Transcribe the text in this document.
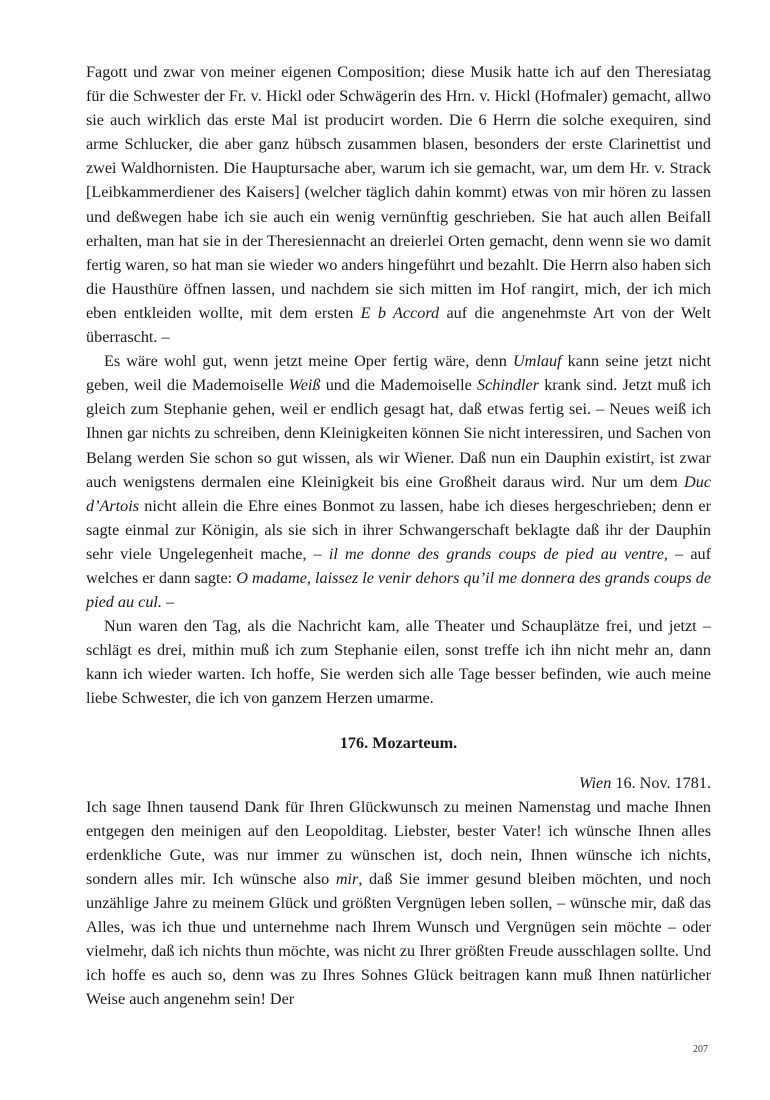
Fagott und zwar von meiner eigenen Composition; diese Musik hatte ich auf den Theresiatag für die Schwester der Fr. v. Hickl oder Schwägerin des Hrn. v. Hickl (Hofmaler) gemacht, allwo sie auch wirklich das erste Mal ist producirt worden. Die 6 Herrn die solche exequiren, sind arme Schlucker, die aber ganz hübsch zusammen blasen, besonders der erste Clarinettist und zwei Waldhornisten. Die Hauptursache aber, warum ich sie gemacht, war, um dem Hr. v. Strack [Leibkammerdiener des Kaisers] (welcher täglich dahin kommt) etwas von mir hören zu lassen und deßwegen habe ich sie auch ein wenig vernünftig geschrieben. Sie hat auch allen Beifall erhalten, man hat sie in der Theresiennacht an dreierlei Orten gemacht, denn wenn sie wo damit fertig waren, so hat man sie wieder wo anders hingeführt und bezahlt. Die Herrn also haben sich die Hausthüre öffnen lassen, und nachdem sie sich mitten im Hof rangirt, mich, der ich mich eben entkleiden wollte, mit dem ersten E b Accord auf die angenehmste Art von der Welt überrascht. –

Es wäre wohl gut, wenn jetzt meine Oper fertig wäre, denn Umlauf kann seine jetzt nicht geben, weil die Mademoiselle Weiß und die Mademoiselle Schindler krank sind. Jetzt muß ich gleich zum Stephanie gehen, weil er endlich gesagt hat, daß etwas fertig sei. – Neues weiß ich Ihnen gar nichts zu schreiben, denn Kleinigkeiten können Sie nicht interessiren, und Sachen von Belang werden Sie schon so gut wissen, als wir Wiener. Daß nun ein Dauphin existirt, ist zwar auch wenigstens dermalen eine Kleinigkeit bis eine Großheit daraus wird. Nur um dem Duc d’Artois nicht allein die Ehre eines Bonmot zu lassen, habe ich dieses hergeschrieben; denn er sagte einmal zur Königin, als sie sich in ihrer Schwangerschaft beklagte daß ihr der Dauphin sehr viele Ungelegenheit mache, – il me donne des grands coups de pied au ventre, – auf welches er dann sagte: O madame, laissez le venir dehors qu’il me donnera des grands coups de pied au cul. –

Nun waren den Tag, als die Nachricht kam, alle Theater und Schauplätze frei, und jetzt – schlägt es drei, mithin muß ich zum Stephanie eilen, sonst treffe ich ihn nicht mehr an, dann kann ich wieder warten. Ich hoffe, Sie werden sich alle Tage besser befinden, wie auch meine liebe Schwester, die ich von ganzem Herzen umarme.

176. Mozarteum.
Wien 16. Nov. 1781.

Ich sage Ihnen tausend Dank für Ihren Glückwunsch zu meinen Namenstag und mache Ihnen entgegen den meinigen auf den Leopolditag. Liebster, bester Vater! ich wünsche Ihnen alles erdenkliche Gute, was nur immer zu wünschen ist, doch nein, Ihnen wünsche ich nichts, sondern alles mir. Ich wünsche also mir, daß Sie immer gesund bleiben möchten, und noch unzählige Jahre zu meinem Glück und größten Vergnügen leben sollen, – wünsche mir, daß das Alles, was ich thue und unternehme nach Ihrem Wunsch und Vergnügen sein möchte – oder vielmehr, daß ich nichts thun möchte, was nicht zu Ihrer größten Freude ausschlagen sollte. Und ich hoffe es auch so, denn was zu Ihres Sohnes Glück beitragen kann muß Ihnen natürlicher Weise auch angenehm sein! Der

207
